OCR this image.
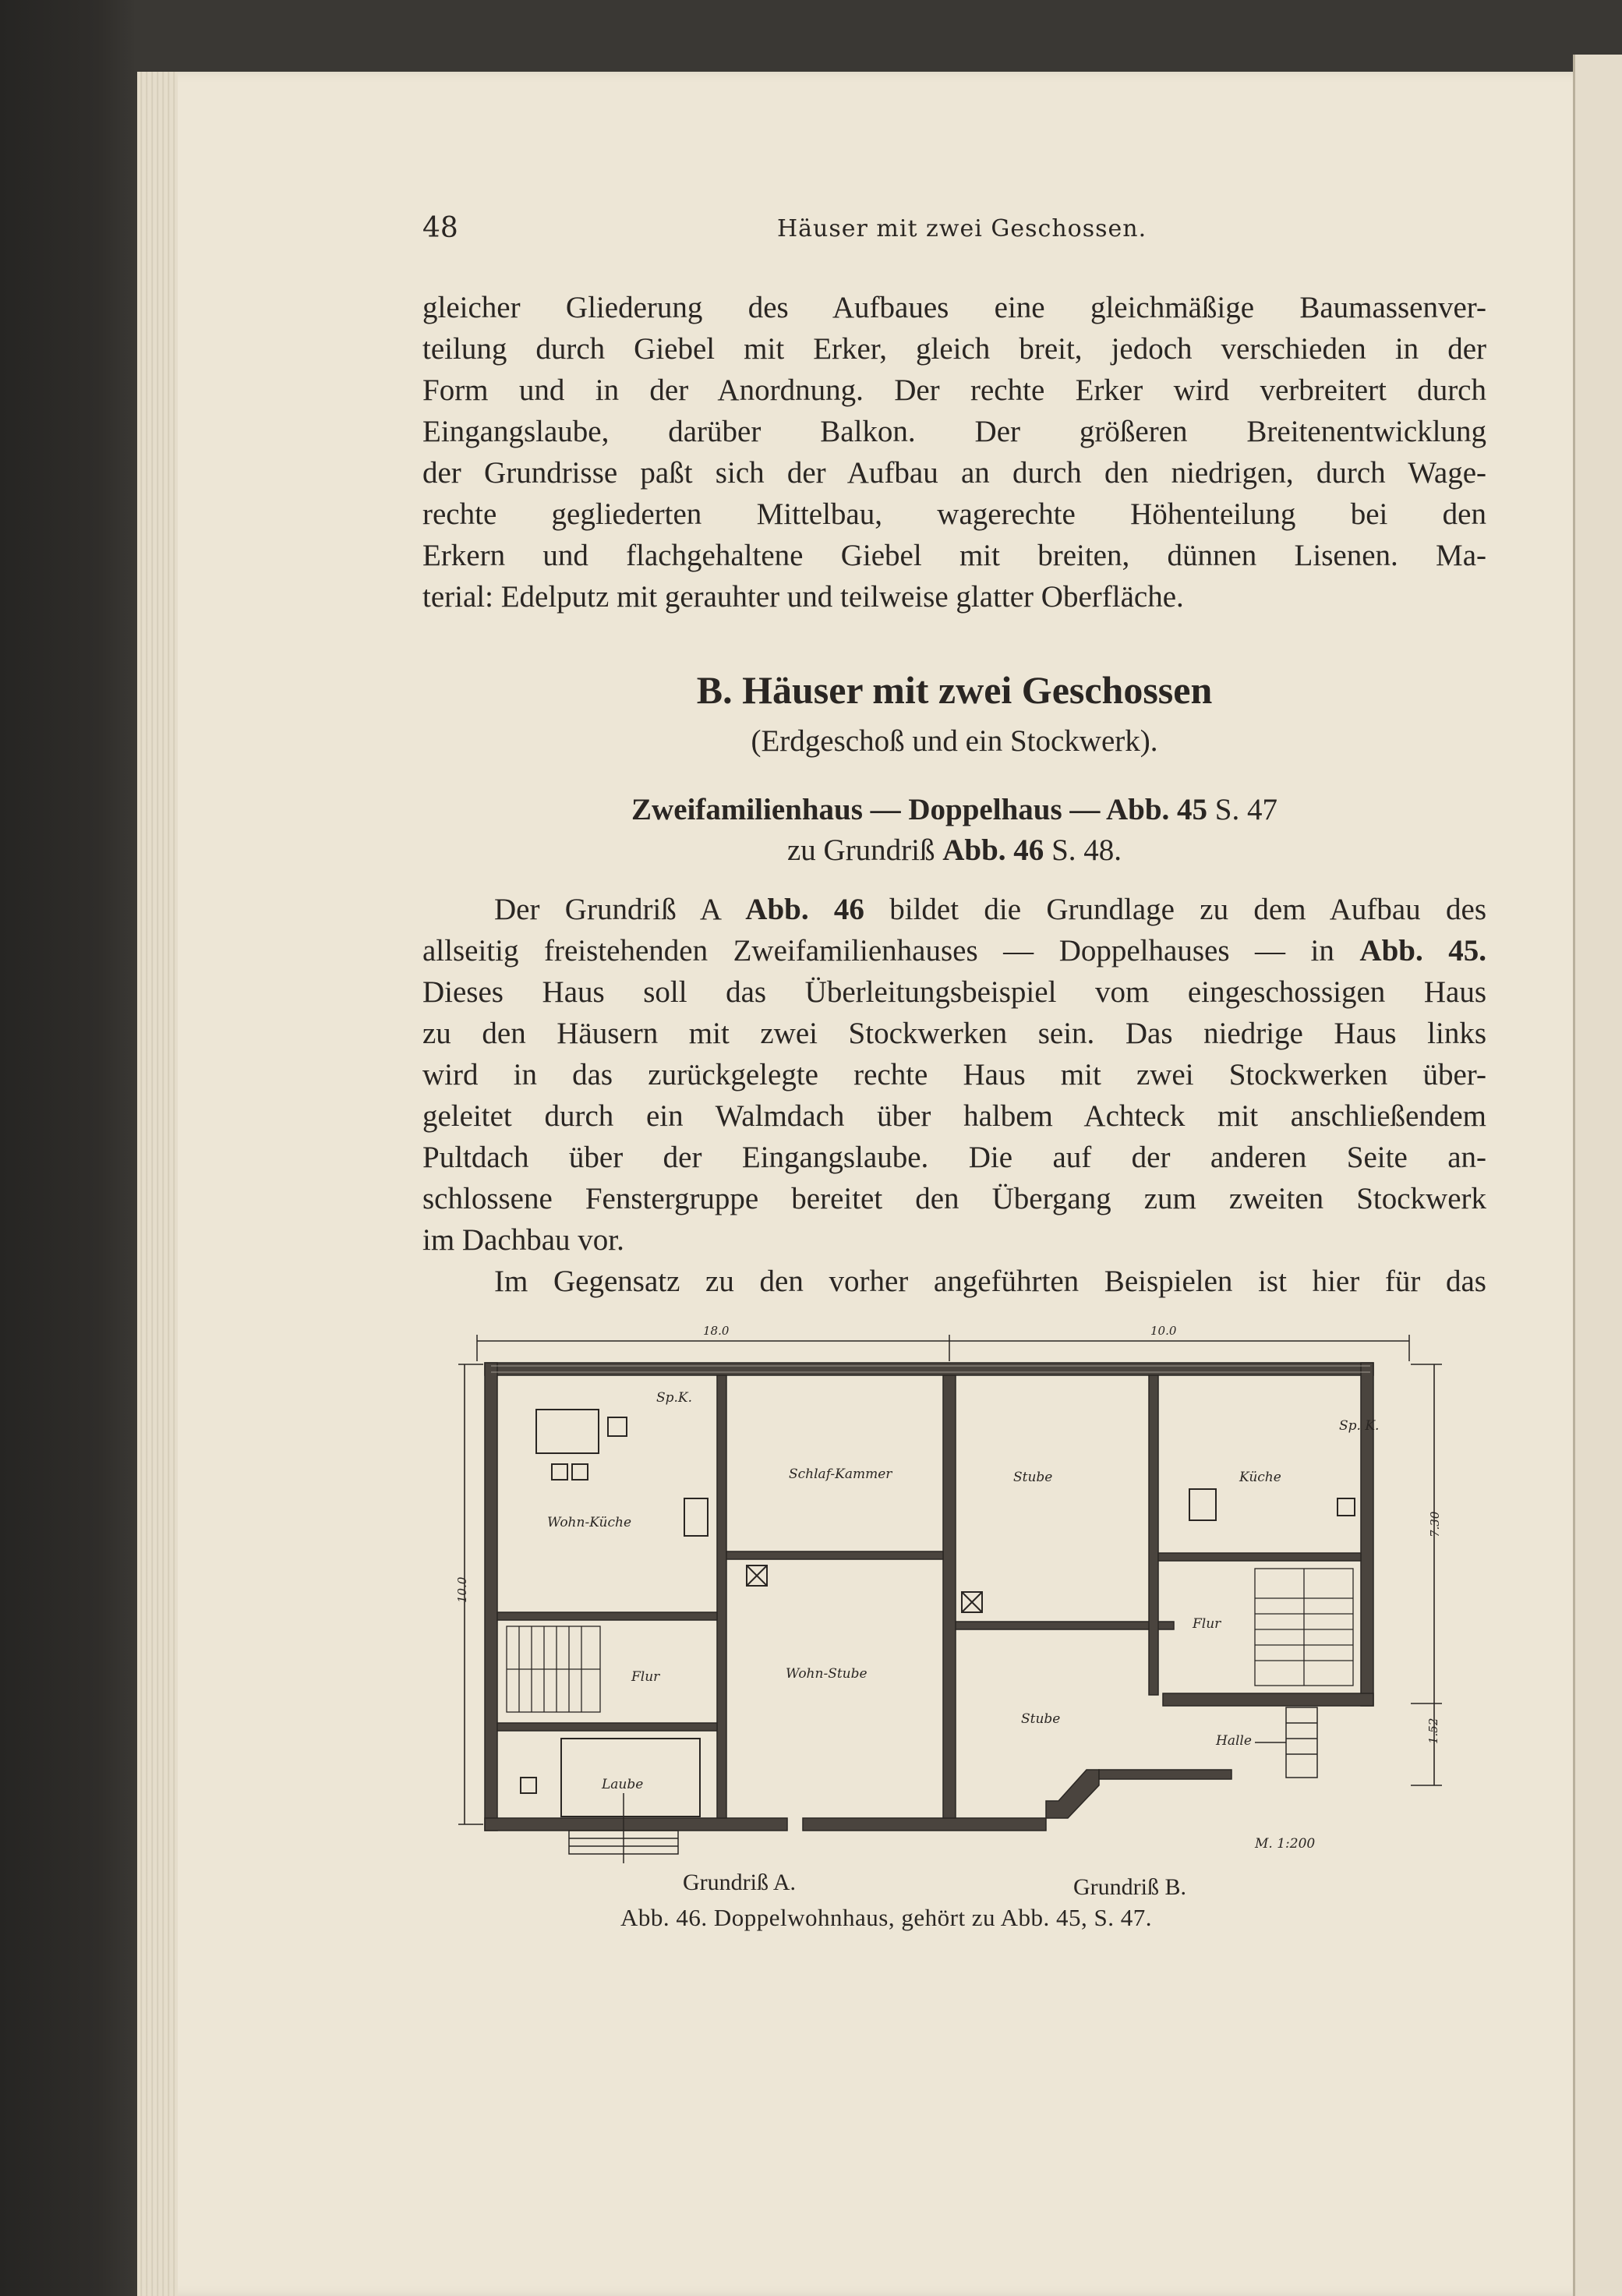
48	Häuser mit zwei Geschossen.
gleicher Gliederung des Aufbaues eine gleichmäßige Baumassenver-
teilung durch Giebel mit Erker, gleich breit, jedoch verschieden in der
Form und in der Anordnung. Der rechte Erker wird verbreitert durch
Eingangslaube, darüber Balkon. Der größeren Breitenentwicklung
der Grundrisse paßt sich der Aufbau an durch den niedrigen, durch Wage-
rechte gegliederten Mittelbau, wagerechte Höhenteilung bei den
Erkern und flachgehaltene Giebel mit breiten, dünnen Lisenen. Ma-
terial: Edelputz mit gerauhter und teilweise glatter Oberfläche.
B. Häuser mit zwei Geschossen
(Erdgeschoß und ein Stockwerk).
Zweifamilienhaus — Doppelhaus — Abb. 45 S. 47
zu Grundriß Abb. 46 S. 48.
Der Grundriß A Abb. 46 bildet die Grundlage zu dem Aufbau des
allseitig freistehenden Zweifamilienhauses — Doppelhauses — in Abb. 45.
Dieses Haus soll das Überleitungsbeispiel vom eingeschossigen Haus
zu den Häusern mit zwei Stockwerken sein. Das niedrige Haus links
wird in das zurückgelegte rechte Haus mit zwei Stockwerken über-
geleitet durch ein Walmdach über halbem Achteck mit anschließendem
Pultdach über der Eingangslaube. Die auf der anderen Seite an-
schlossene Fenstergruppe bereitet den Übergang zum zweiten Stockwerk
im Dachbau vor.
Im Gegensatz zu den vorher angeführten Beispielen ist hier für das
Sp.K.
Wohn-Küche
Flur
Laube
Schlaf-Kammer
Wohn-Stube
Stube
Stube
Küche
Sp. K.
Flur
Halle
18.0	10.0
10.0
7.30
1.52
M. 1:200
Grundriß A.	Grundriß B.
Abb. 46. Doppelwohnhaus, gehört zu Abb. 45, S. 47.
